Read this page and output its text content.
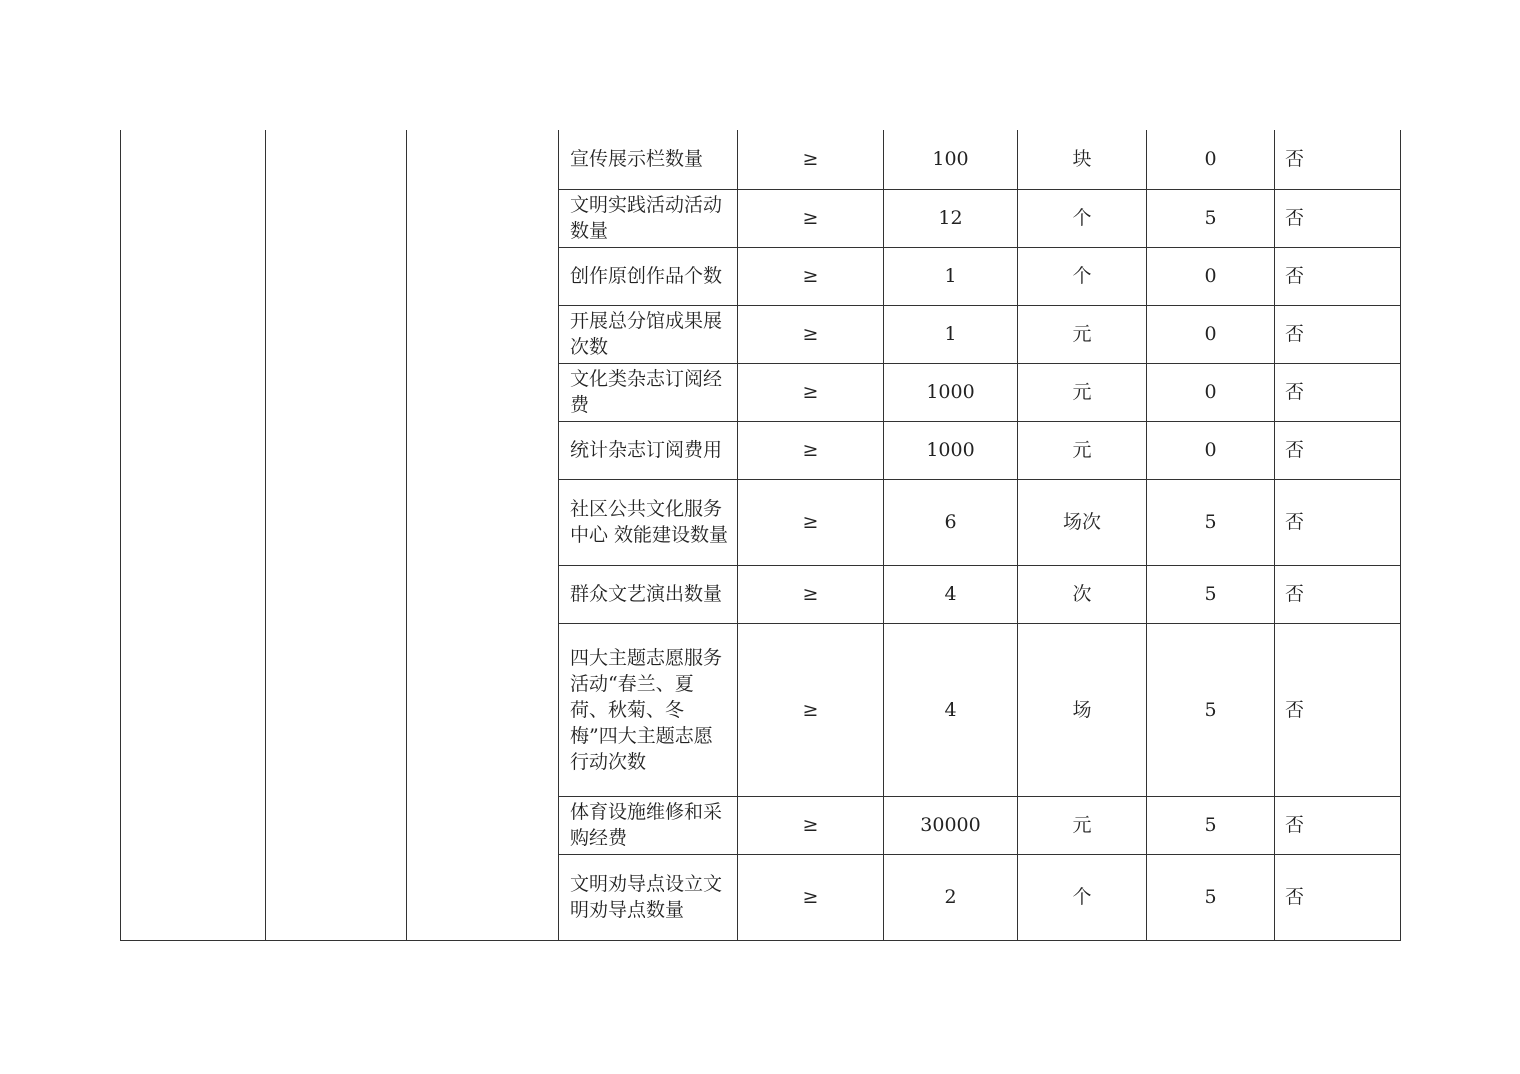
			宣传展示栏数量	≥	100	块	0	否
			文明实践活动活动数量	≥	12	个	5	否
			创作原创作品个数	≥	1	个	0	否
			开展总分馆成果展次数	≥	1	元	0	否
			文化类杂志订阅经费	≥	1000	元	0	否
			统计杂志订阅费用	≥	1000	元	0	否
			社区公共文化服务中心 效能建设数量	≥	6	场次	5	否
			群众文艺演出数量	≥	4	次	5	否
			四大主题志愿服务活动“春兰、夏荷、秋菊、冬梅”四大主题志愿行动次数	≥	4	场	5	否
			体育设施维修和采购经费	≥	30000	元	5	否
			文明劝导点设立文明劝导点数量	≥	2	个	5	否
